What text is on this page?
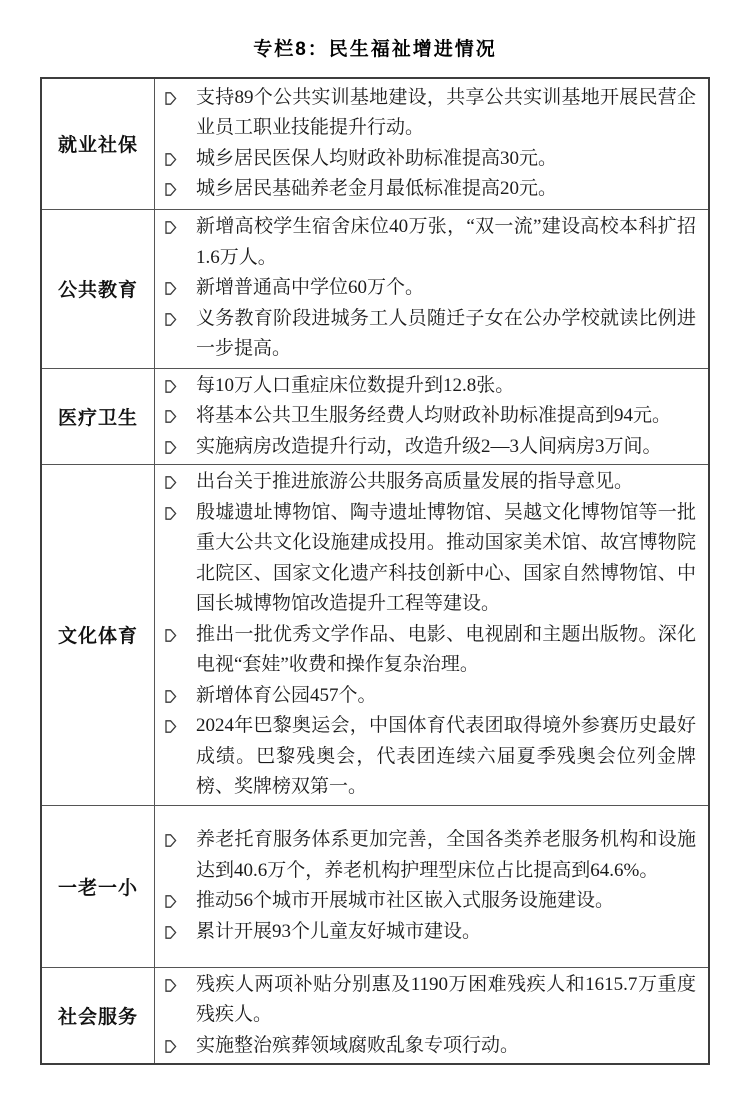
专栏8：民生福祉增进情况
就业社保	支持89个公共实训基地建设，共享公共实训基地开展民营企业员工职业技能提升行动。
城乡居民医保人均财政补助标准提高30元。
城乡居民基础养老金月最低标准提高20元。

公共教育	新增高校学生宿舍床位40万张，“双一流”建设高校本科扩招1.6万人。
新增普通高中学位60万个。
义务教育阶段进城务工人员随迁子女在公办学校就读比例进一步提高。

医疗卫生	每10万人口重症床位数提升到12.8张。
将基本公共卫生服务经费人均财政补助标准提高到94元。
实施病房改造提升行动，改造升级2—3人间病房3万间。

文化体育	出台关于推进旅游公共服务高质量发展的指导意见。
殷墟遗址博物馆、陶寺遗址博物馆、吴越文化博物馆等一批重大公共文化设施建成投用。推动国家美术馆、故宫博物院北院区、国家文化遗产科技创新中心、国家自然博物馆、中国长城博物馆改造提升工程等建设。
推出一批优秀文学作品、电影、电视剧和主题出版物。深化电视“套娃”收费和操作复杂治理。
新增体育公园457个。
2024年巴黎奥运会，中国体育代表团取得境外参赛历史最好成绩。巴黎残奥会，代表团连续六届夏季残奥会位列金牌榜、奖牌榜双第一。

一老一小	养老托育服务体系更加完善，全国各类养老服务机构和设施达到40.6万个，养老机构护理型床位占比提高到64.6%。
推动56个城市开展城市社区嵌入式服务设施建设。
累计开展93个儿童友好城市建设。

社会服务	残疾人两项补贴分别惠及1190万困难残疾人和1615.7万重度残疾人。
实施整治殡葬领域腐败乱象专项行动。
